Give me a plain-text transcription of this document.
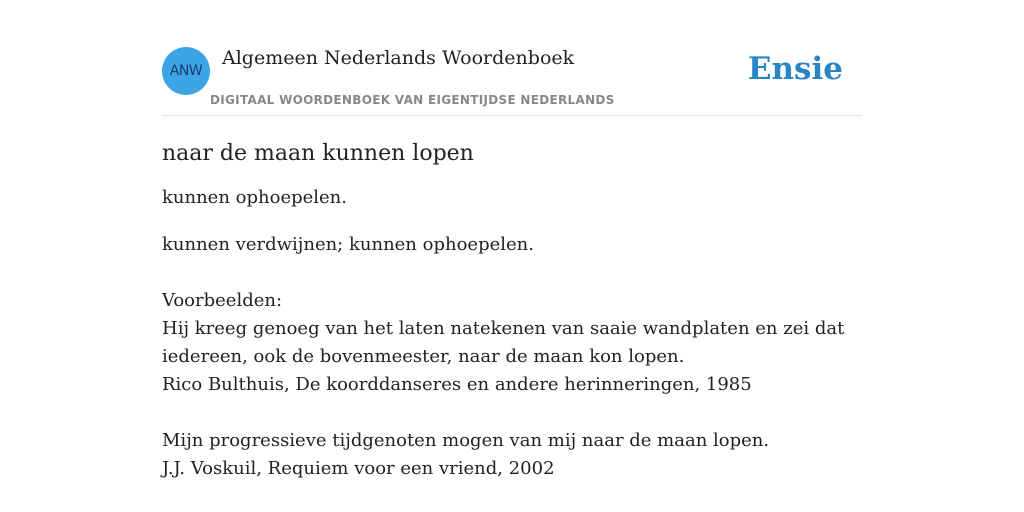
ANW
Algemeen Nederlands Woordenboek
DIGITAAL WOORDENBOEK VAN EIGENTIJDSE NEDERLANDS
Ensie
naar de maan kunnen lopen

kunnen ophoepelen.

kunnen verdwijnen; kunnen ophoepelen.

Voorbeelden:
Hij kreeg genoeg van het laten natekenen van saaie wandplaten en zei dat
iedereen, ook de bovenmeester, naar de maan kon lopen.
Rico Bulthuis, De koorddanseres en andere herinneringen, 1985
Mijn progressieve tijdgenoten mogen van mij naar de maan lopen.
J.J. Voskuil, Requiem voor een vriend, 2002
